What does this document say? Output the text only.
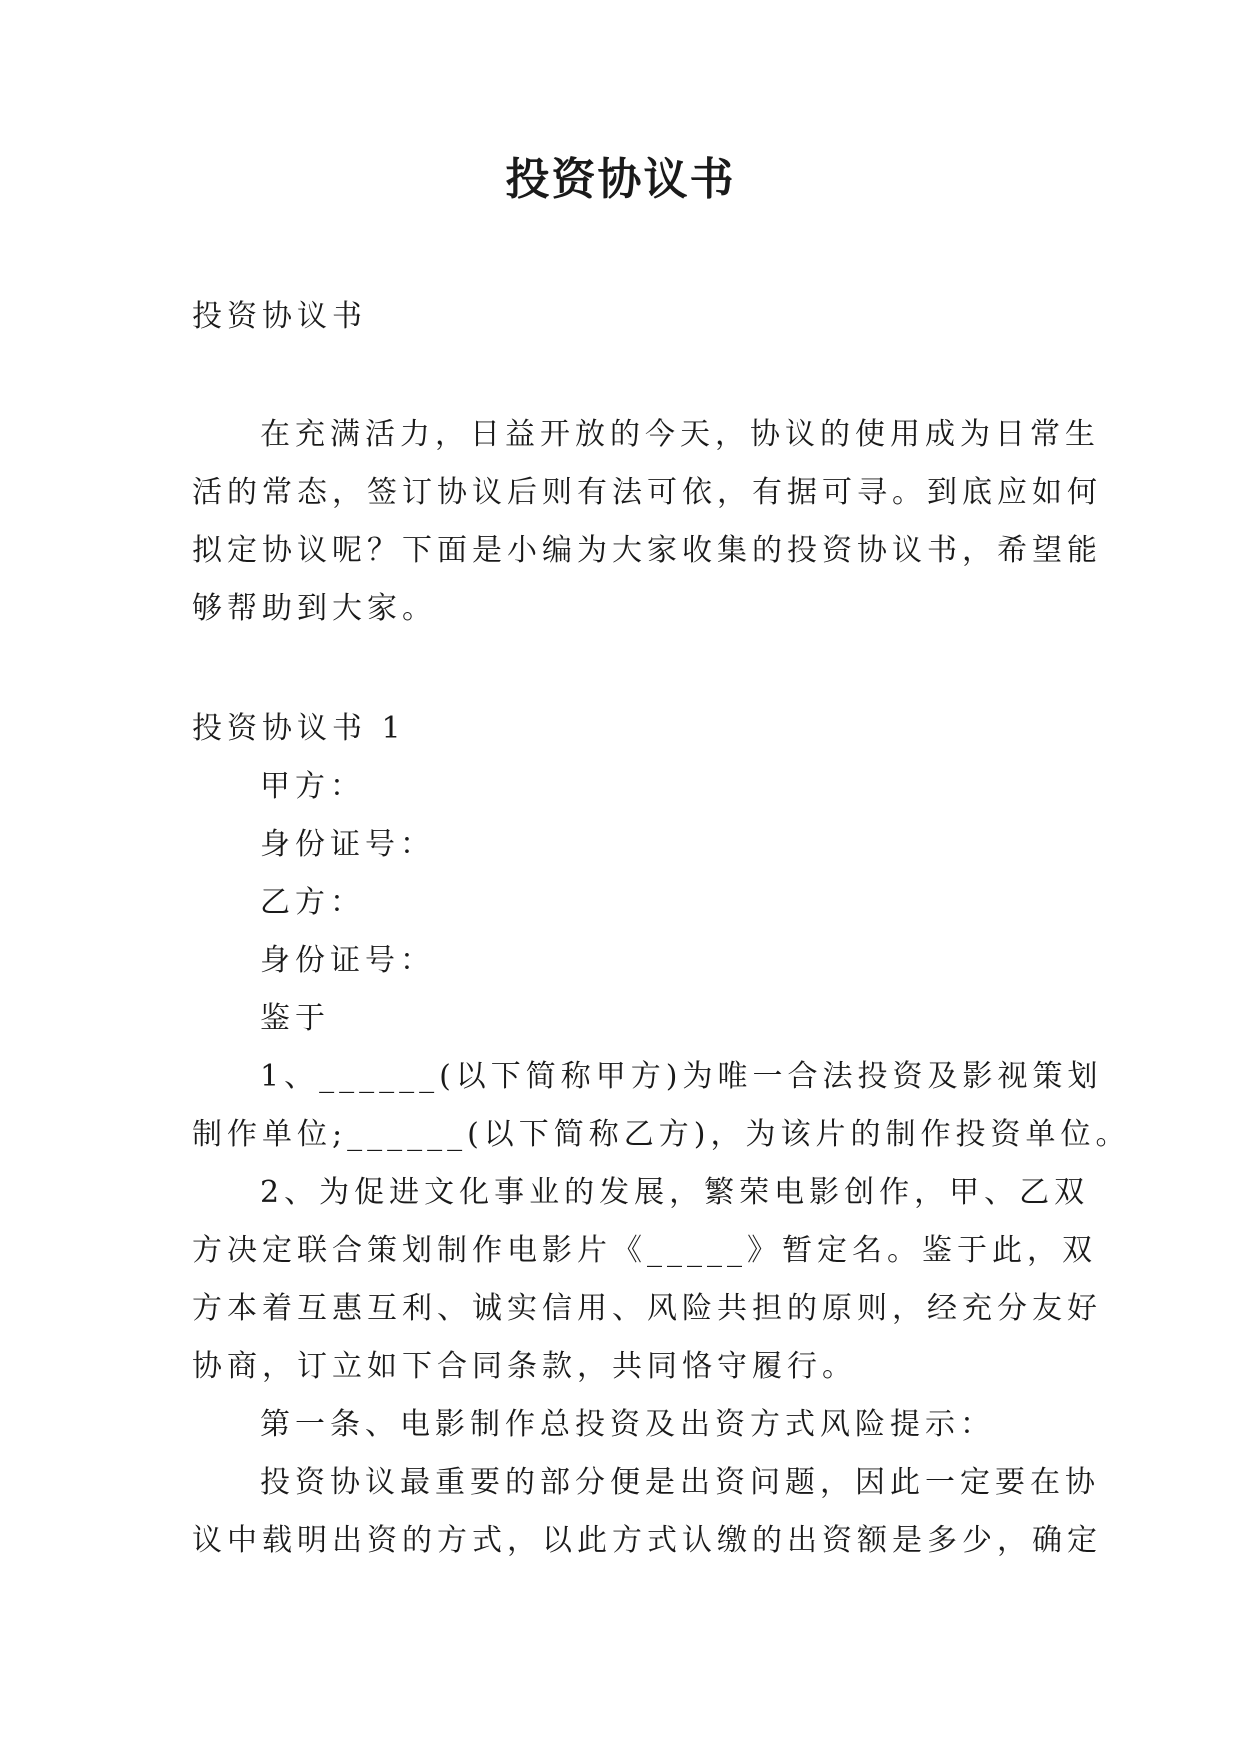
投资协议书
投资协议书
在充满活力，日益开放的今天，协议的使用成为日常生
活的常态，签订协议后则有法可依，有据可寻。到底应如何
拟定协议呢？下面是小编为大家收集的投资协议书，希望能
够帮助到大家。
投资协议书 1
甲方：
身份证号：
乙方：
身份证号：
鉴于
1、______(以下简称甲方)为唯一合法投资及影视策划
制作单位;______(以下简称乙方)，为该片的制作投资单位。
2、为促进文化事业的发展，繁荣电影创作，甲、乙双
方决定联合策划制作电影片《_____》暂定名。鉴于此，双
方本着互惠互利、诚实信用、风险共担的原则，经充分友好
协商，订立如下合同条款，共同恪守履行。
第一条、电影制作总投资及出资方式风险提示：
投资协议最重要的部分便是出资问题，因此一定要在协
议中载明出资的方式，以此方式认缴的出资额是多少，确定
